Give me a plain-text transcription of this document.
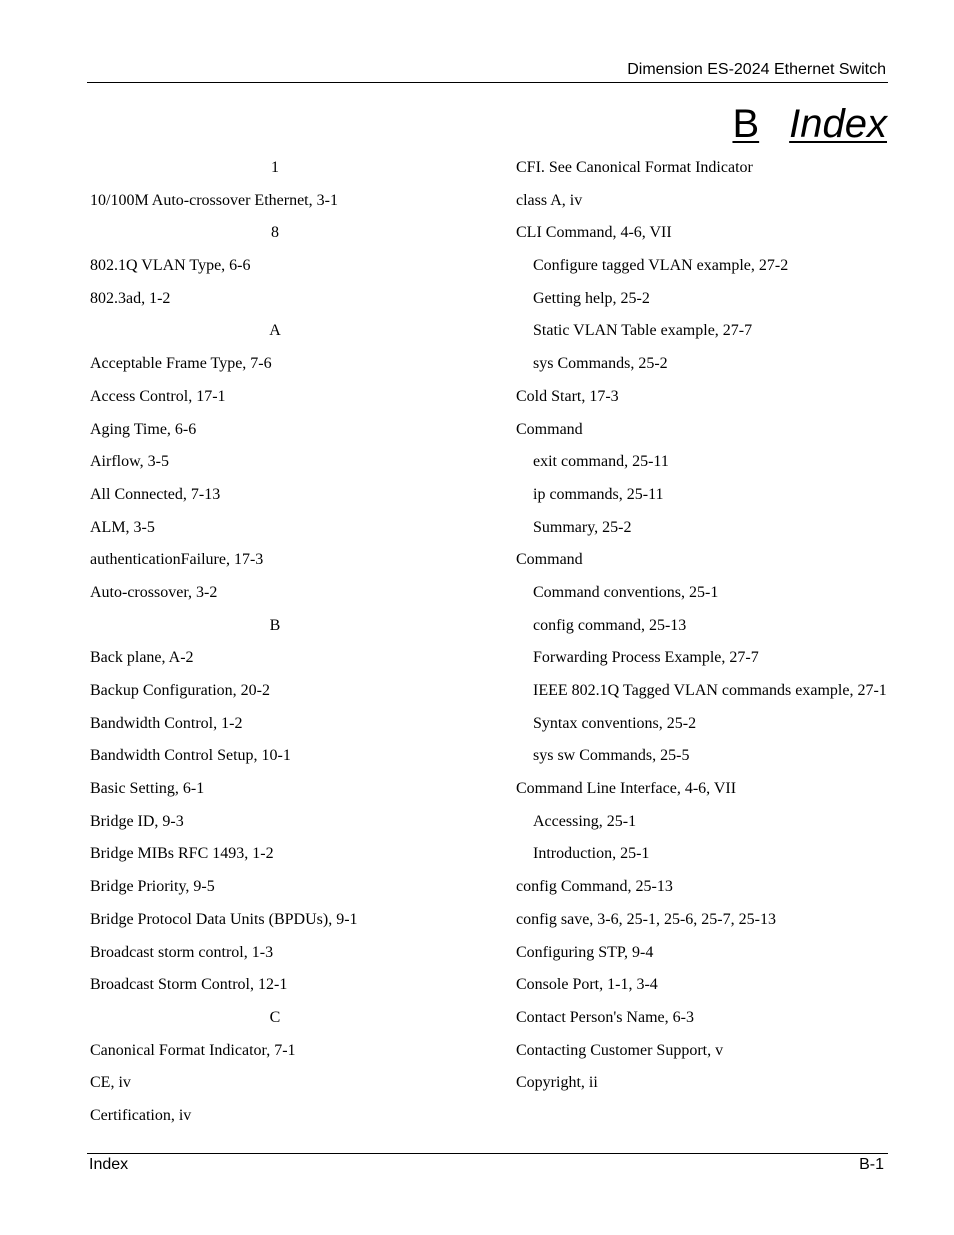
Dimension ES-2024 Ethernet Switch
B Index
1
10/100M Auto-crossover Ethernet, 3-1
8
802.1Q VLAN Type, 6-6
802.3ad, 1-2
A
Acceptable Frame Type, 7-6
Access Control, 17-1
Aging Time, 6-6
Airflow, 3-5
All Connected, 7-13
ALM, 3-5
authenticationFailure, 17-3
Auto-crossover, 3-2
B
Back plane, A-2
Backup Configuration, 20-2
Bandwidth Control, 1-2
Bandwidth Control Setup, 10-1
Basic Setting, 6-1
Bridge ID, 9-3
Bridge MIBs RFC 1493, 1-2
Bridge Priority, 9-5
Bridge Protocol Data Units (BPDUs), 9-1
Broadcast storm control, 1-3
Broadcast Storm Control, 12-1
C
Canonical Format Indicator, 7-1
CE, iv
Certification, iv
CFI. See Canonical Format Indicator
class A, iv
CLI Command, 4-6, VII
Configure tagged VLAN example, 27-2
Getting help, 25-2
Static VLAN Table example, 27-7
sys Commands, 25-2
Cold Start, 17-3
Command
exit command, 25-11
ip commands, 25-11
Summary, 25-2
Command
Command conventions, 25-1
config command, 25-13
Forwarding Process Example, 27-7
IEEE 802.1Q Tagged VLAN commands example, 27-1
Syntax conventions, 25-2
sys sw Commands, 25-5
Command Line Interface, 4-6, VII
Accessing, 25-1
Introduction, 25-1
config Command, 25-13
config save, 3-6, 25-1, 25-6, 25-7, 25-13
Configuring STP, 9-4
Console Port, 1-1, 3-4
Contact Person's Name, 6-3
Contacting Customer Support, v
Copyright, ii
Index	B-1
